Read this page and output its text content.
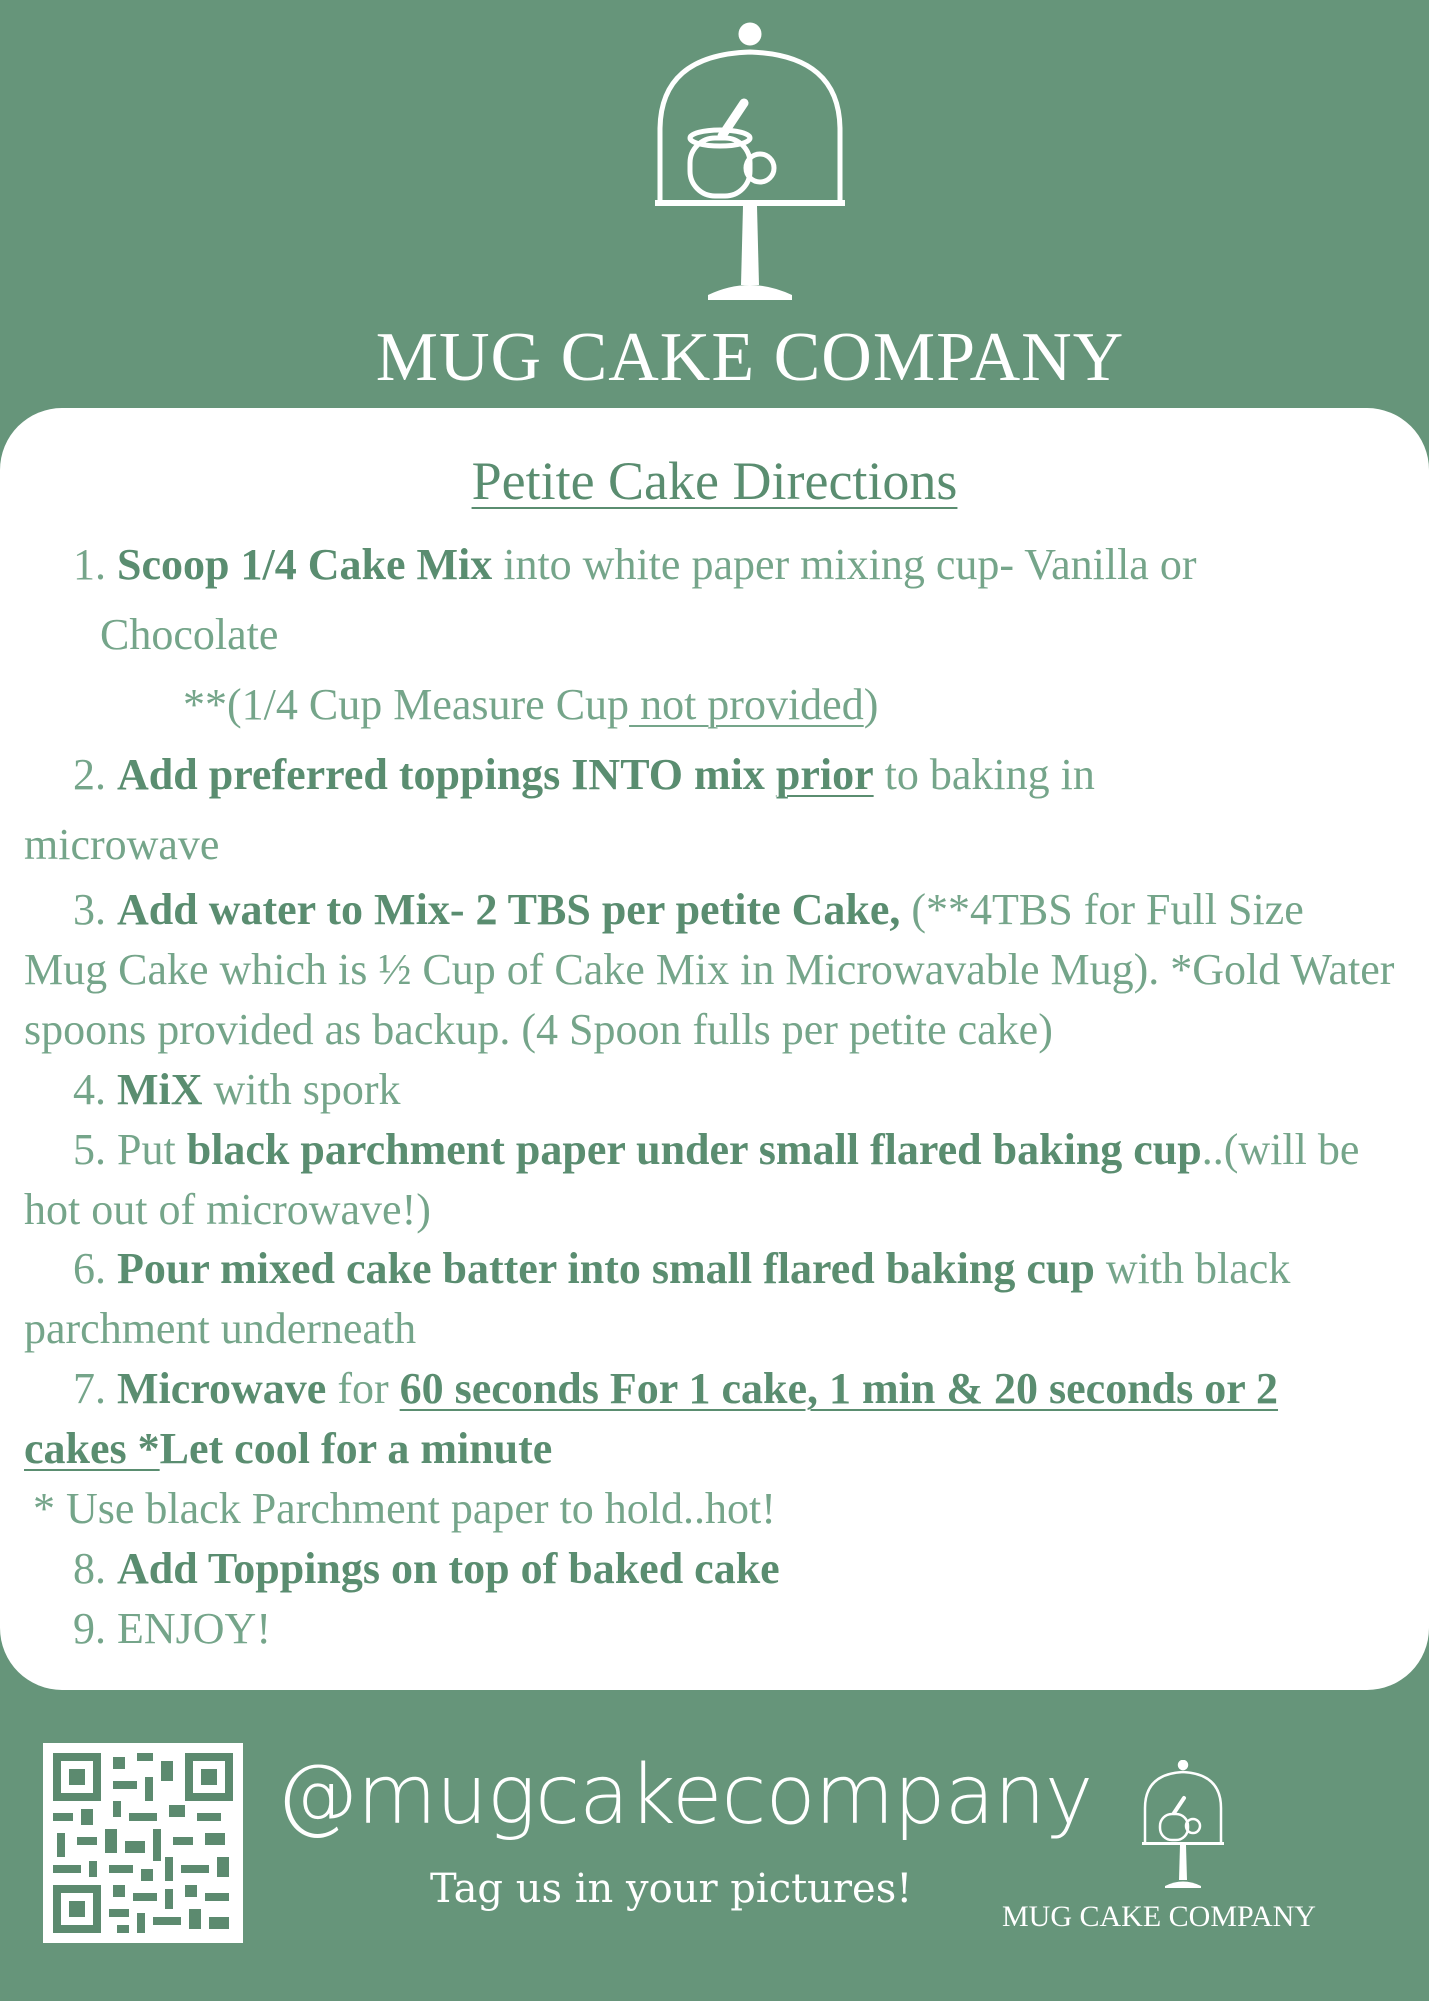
MUG CAKE COMPANY
Petite Cake Directions
1. Scoop 1/4 Cake Mix into white paper mixing cup- Vanilla or
Chocolate
**(1/4 Cup Measure Cup not provided)
2. Add preferred toppings INTO mix prior to baking in
microwave
3. Add water to Mix- 2 TBS per petite Cake, (**4TBS for Full Size
Mug Cake which is ½ Cup of Cake Mix in Microwavable Mug). *Gold Water
spoons provided as backup. (4 Spoon fulls per petite cake)
4. MiX with spork
5. Put black parchment paper under small flared baking cup..(will be
hot out of microwave!)
6. Pour mixed cake batter into small flared baking cup with black
parchment underneath
7. Microwave for 60 seconds For 1 cake, 1 min & 20 seconds or 2
cakes *Let cool for a minute
* Use black Parchment paper to hold..hot!
8. Add Toppings on top of baked cake
9. ENJOY!
@mugcakecompany
Tag us in your pictures!
MUG CAKE COMPANY
